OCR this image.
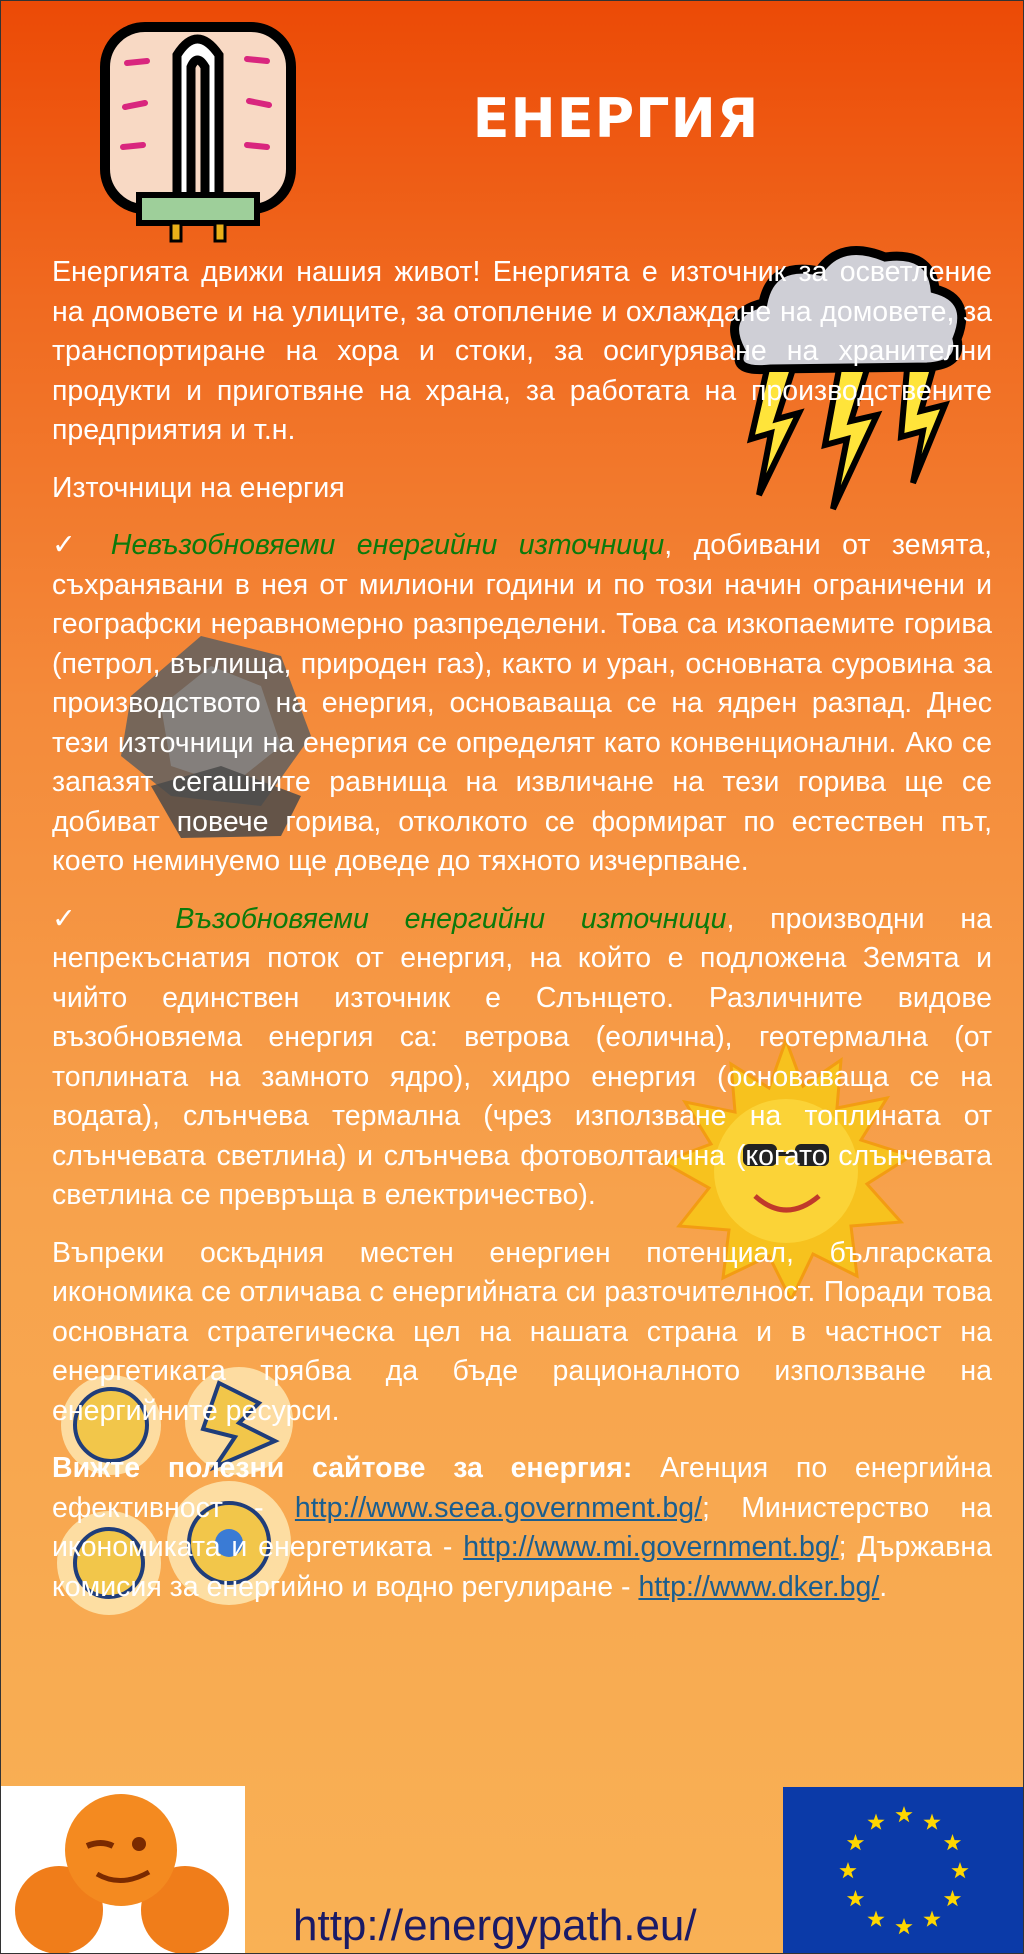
ЕНЕРГИЯ

Енергията движи нашия живот! Енергията е източник за осветление на домовете и на улиците, за отопление и охлаждане на домовете, за транспортиране на хора и стоки, за осигуряване на хранителни продукти и приготвяне на храна, за работата на производствените предприятия и т.н.

Източници на енергия

✓ Невъзобновяеми енергийни източници, добивани от земята, съхранявани в нея от милиони години и по този начин ограничени и географски неравномерно разпределени. Това са изкопаемите горива (петрол, въглища, природен газ), както и уран, основната суровина за производството на енергия, основаваща се на ядрен разпад. Днес тези източници на енергия се определят като конвенционални. Ако се запазят сегашните равнища на извличане на тези горива ще се добиват повече горива, отколкото се формират по естествен път, което неминуемо ще доведе до тяхното изчерпване.

✓	Възобновяеми енергийни източници, производни на непрекъснатия поток от енергия, на който е подложена Земята и чийто единствен източник е Слънцето. Различните видове възобновяема енергия са: ветрова (еолична), геотермална (от топлината на замното ядро), хидро енергия (основаваща се на водата), слънчева термална (чрез използване на топлината от слънчевата светлина) и слънчева фотоволтаична (когато слънчевата светлина се превръща в електричество).

Въпреки оскъдния местен енергиен потенциал, българската икономика се отличава с енергийната си разточителност. Поради това основната стратегическа цел на нашата страна и в частност на енергетиката трябва да бъде рационалното използване на енергийните ресурси.

Вижте полезни сайтове за енергия: Агенция по енергийна ефективност - http://www.seea.government.bg/; Министерство на икономиката и енергетиката - http://www.mi.government.bg/; Държавна комисия за енергийно и водно регулиране - http://www.dker.bg/.

http://energypath.eu/
